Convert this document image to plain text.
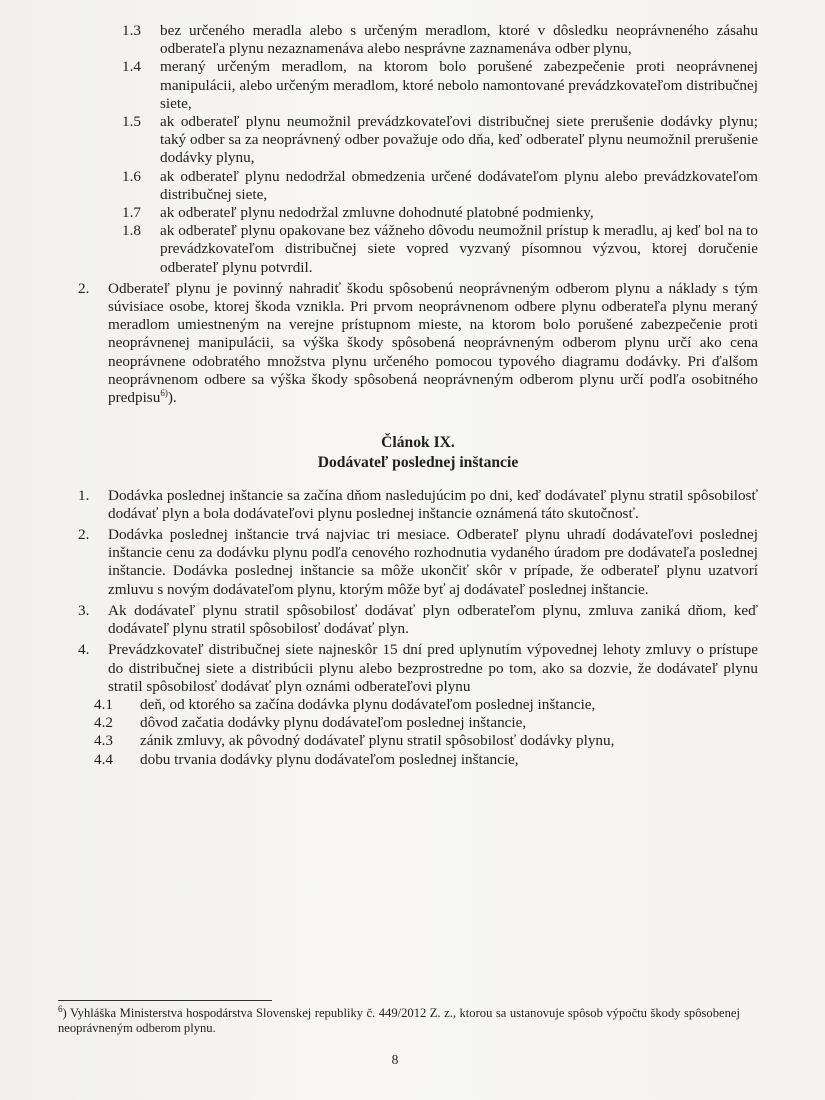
1.3 bez určeného meradla alebo s určeným meradlom, ktoré v dôsledku neoprávneného zásahu odberateľa plynu nezaznamenáva alebo nesprávne zaznamenáva odber plynu,
1.4 meraný určeným meradlom, na ktorom bolo porušené zabezpečenie proti neoprávnenej manipulácii, alebo určeným meradlom, ktoré nebolo namontované prevádzkovateľom distribučnej siete,
1.5 ak odberateľ plynu neumožnil prevádzkovateľovi distribučnej siete prerušenie dodávky plynu; taký odber sa za neoprávnený odber považuje odo dňa, keď odberateľ plynu neumožnil prerušenie dodávky plynu,
1.6 ak odberateľ plynu nedodržal obmedzenia určené dodávateľom plynu alebo prevádzkovateľom distribučnej siete,
1.7 ak odberateľ plynu nedodržal zmluvne dohodnuté platobné podmienky,
1.8 ak odberateľ plynu opakovane bez vážneho dôvodu neumožnil prístup k meradlu, aj keď bol na to prevádzkovateľom distribučnej siete vopred vyzvaný písomnou výzvou, ktorej doručenie odberateľ plynu potvrdil.
2. Odberateľ plynu je povinný nahradiť škodu spôsobenú neoprávneným odberom plynu a náklady s tým súvisiace osobe, ktorej škoda vznikla. Pri prvom neoprávnenom odbere plynu odberateľa plynu meraný meradlom umiestneným na verejne prístupnom mieste, na ktorom bolo porušené zabezpečenie proti neoprávnenej manipulácii, sa výška škody spôsobená neoprávneným odberom plynu určí ako cena neoprávnene odobratého množstva plynu určeného pomocou typového diagramu dodávky. Pri ďalšom neoprávnenom odbere sa výška škody spôsobená neoprávneným odberom plynu určí podľa osobitného predpisu$^{6)}$).
Článok IX.
Dodávateľ poslednej inštancie
1. Dodávka poslednej inštancie sa začína dňom nasledujúcim po dni, keď dodávateľ plynu stratil spôsobilosť dodávať plyn a bola dodávateľovi plynu poslednej inštancie oznámená táto skutočnosť.
2. Dodávka poslednej inštancie trvá najviac tri mesiace. Odberateľ plynu uhradí dodávateľovi poslednej inštancie cenu za dodávku plynu podľa cenového rozhodnutia vydaného úradom pre dodávateľa poslednej inštancie. Dodávka poslednej inštancie sa môže ukončiť skôr v prípade, že odberateľ plynu uzatvorí zmluvu s novým dodávateľom plynu, ktorým môže byť aj dodávateľ poslednej inštancie.
3. Ak dodávateľ plynu stratil spôsobilosť dodávať plyn odberateľom plynu, zmluva zaniká dňom, keď dodávateľ plynu stratil spôsobilosť dodávať plyn.
4. Prevádzkovateľ distribučnej siete najneskôr 15 dní pred uplynutím výpovednej lehoty zmluvy o prístupe do distribučnej siete a distribúcii plynu alebo bezprostredne po tom, ako sa dozvie, že dodávateľ plynu stratil spôsobilosť dodávať plyn oznámi odberateľovi plynu
4.1 deň, od ktorého sa začína dodávka plynu dodávateľom poslednej inštancie,
4.2 dôvod začatia dodávky plynu dodávateľom poslednej inštancie,
4.3 zánik zmluvy, ak pôvodný dodávateľ plynu stratil spôsobilosť dodávky plynu,
4.4 dobu trvania dodávky plynu dodávateľom poslednej inštancie,
$^6$) Vyhláška Ministerstva hospodárstva Slovenskej republiky č. 449/2012 Z. z., ktorou sa ustanovuje spôsob výpočtu škody spôsobenej neoprávneným odberom plynu.
8
